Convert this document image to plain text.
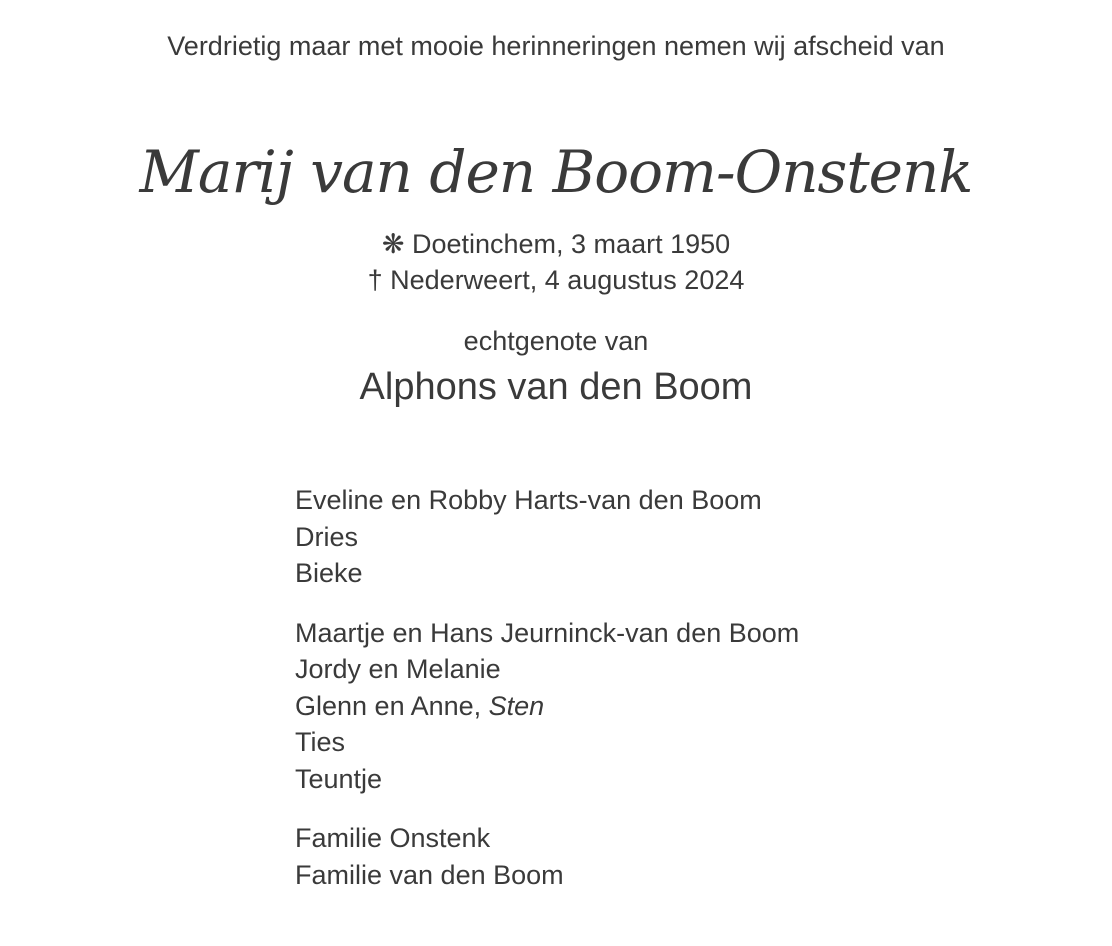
Verdrietig maar met mooie herinneringen nemen wij afscheid van
Marij van den Boom-Onstenk
❋ Doetinchem, 3 maart 1950
† Nederweert, 4 augustus 2024
echtgenote van
Alphons van den Boom
Eveline en Robby Harts-van den Boom
Dries
Bieke
Maartje en Hans Jeurninck-van den Boom
Jordy en Melanie
Glenn en Anne, Sten
Ties
Teuntje
Familie Onstenk
Familie van den Boom
